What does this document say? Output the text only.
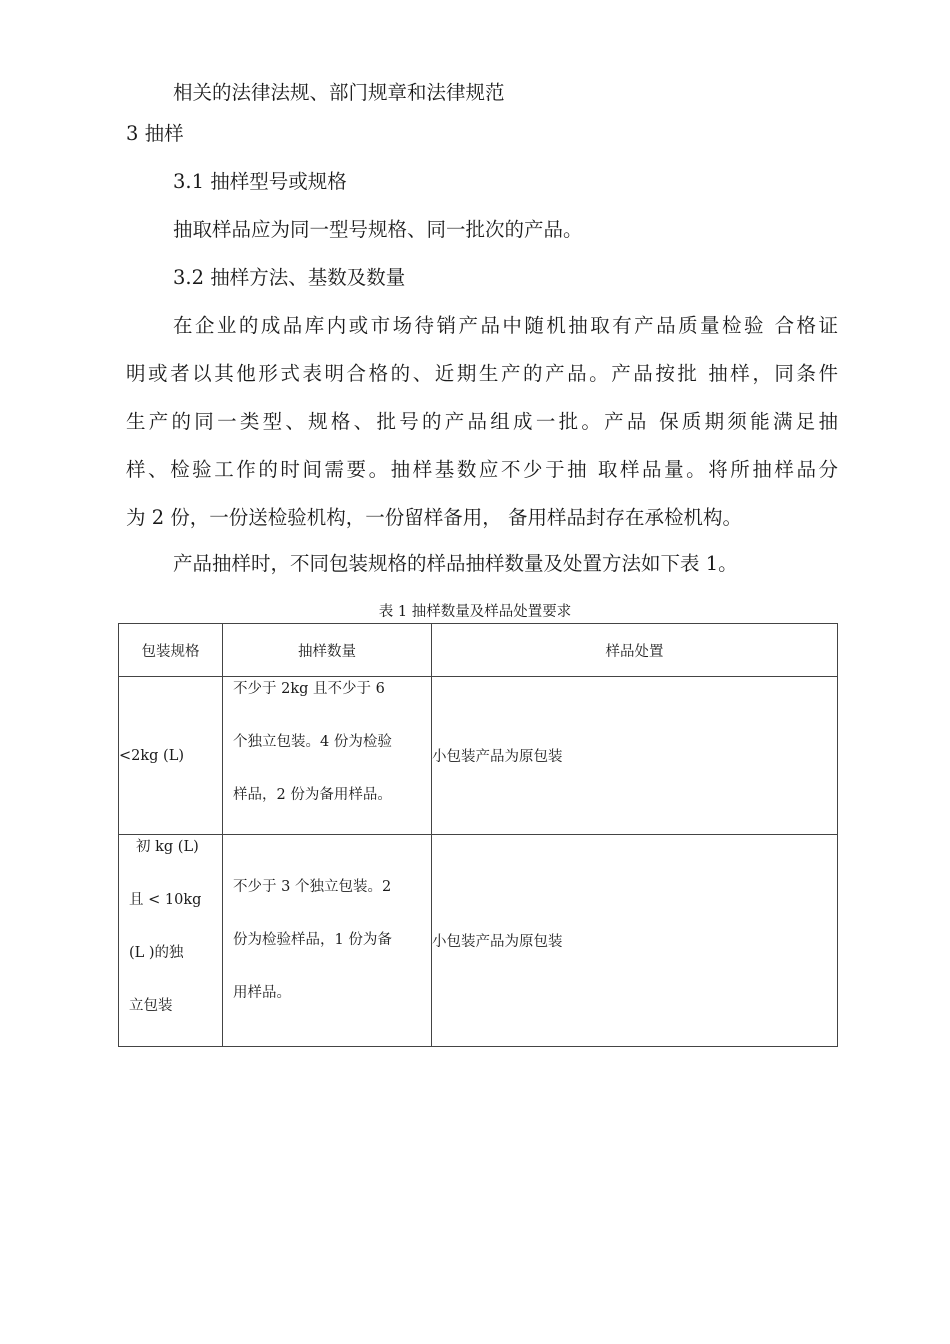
相关的法律法规、部门规章和法律规范
3 抽样
3.1 抽样型号或规格
抽取样品应为同一型号规格、同一批次的产品。
3.2 抽样方法、基数及数量
在企业的成品库内或市场待销产品中随机抽取有产品质量检验 合格证
明或者以其他形式表明合格的、近期生产的产品。产品按批 抽样，同条件
生产的同一类型、规格、批号的产品组成一批。产品 保质期须能满足抽
样、检验工作的时间需要。抽样基数应不少于抽 取样品量。将所抽样品分
为 2 份，一份送检验机构，一份留样备用， 备用样品封存在承检机构。
产品抽样时，不同包装规格的样品抽样数量及处置方法如下表 1。
表 1 抽样数量及样品处置要求
包装规格	抽样数量	样品处置
<2kg (L)	不少于 2kg 且不少于 6
个独立包装。4 份为检验
样品，2 份为备用样品。	小包装产品为原包装

初 kg (L)
且 < 10kg
(L )的独
立包装	不少于 3 个独立包装。2
份为检验样品，1 份为备
用样品。	小包装产品为原包装
